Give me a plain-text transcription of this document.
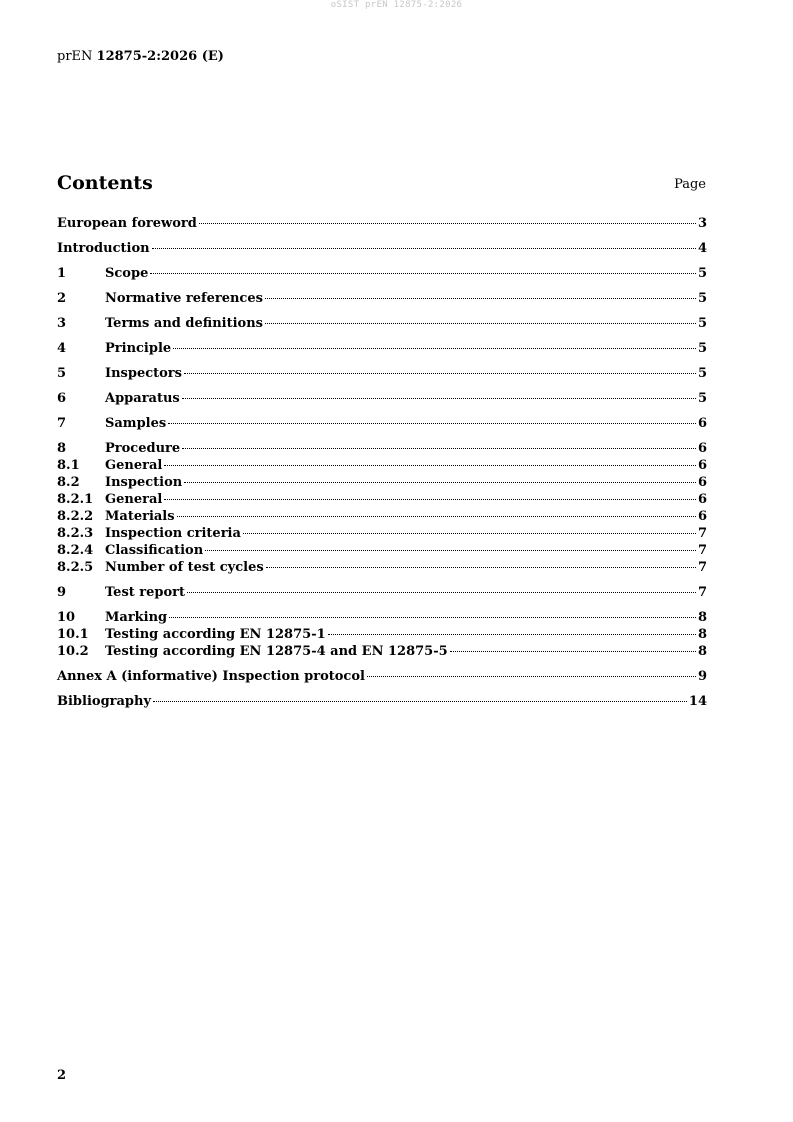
oSIST prEN 12875-2:2026
prEN 12875-2:2026 (E)
Contents	Page
European foreword	3
Introduction	4
1	Scope	5
2	Normative references	5
3	Terms and definitions	5
4	Principle	5
5	Inspectors	5
6	Apparatus	5
7	Samples	6
8	Procedure	6
8.1	General	6
8.2	Inspection	6
8.2.1 General	6
8.2.2 Materials	6
8.2.3 Inspection criteria	7
8.2.4 Classification	7
8.2.5 Number of test cycles	7
9	Test report	7
10	Marking	8
10.1	Testing according EN 12875-1	8
10.2	Testing according EN 12875-4 and EN 12875-5	8
Annex A (informative) Inspection protocol	9
Bibliography	14
2
